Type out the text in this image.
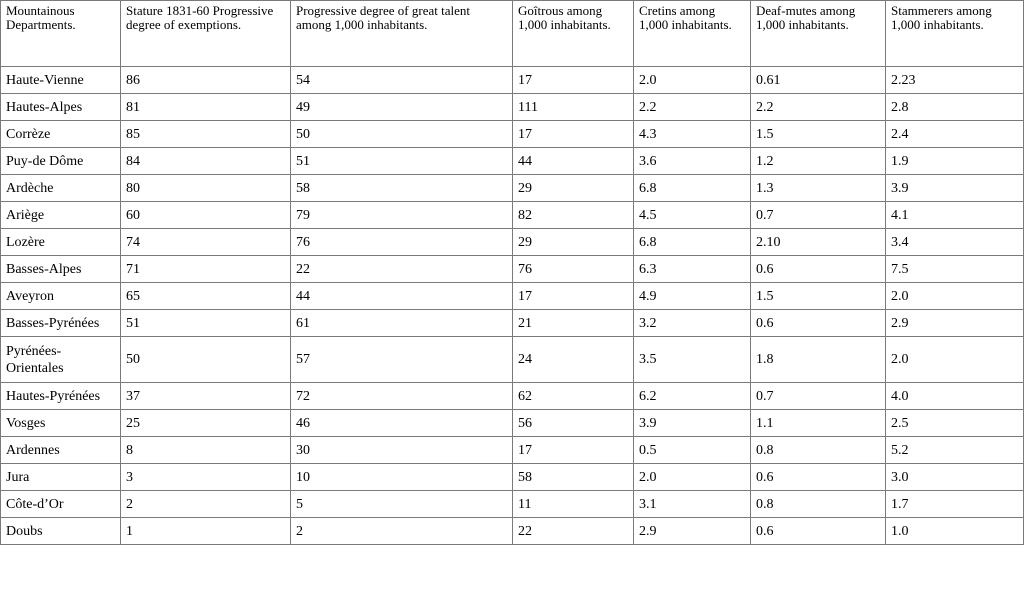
Mountainous Departments.	Stature 1831-60 Progressive degree of exemptions.	Progressive degree of great talent among 1,000 inhabitants.	Goîtrous among 1,000 inhabitants.	Cretins among 1,000 inhabitants.	Deaf-mutes among 1,000 inhabitants.	Stammerers among 1,000 inhabitants.
Haute-Vienne	86	54	17	2.0	0.61	2.23
Hautes-Alpes	81	49	111	2.2	2.2	2.8
Corrèze	85	50	17	4.3	1.5	2.4
Puy-de Dôme	84	51	44	3.6	1.2	1.9
Ardèche	80	58	29	6.8	1.3	3.9
Ariège	60	79	82	4.5	0.7	4.1
Lozère	74	76	29	6.8	2.10	3.4
Basses-Alpes	71	22	76	6.3	0.6	7.5
Aveyron	65	44	17	4.9	1.5	2.0
Basses-Pyrénées	51	61	21	3.2	0.6	2.9
Pyrénées-Orientales	50	57	24	3.5	1.8	2.0
Hautes-Pyrénées	37	72	62	6.2	0.7	4.0
Vosges	25	46	56	3.9	1.1	2.5
Ardennes	8	30	17	0.5	0.8	5.2
Jura	3	10	58	2.0	0.6	3.0
Côte-d’Or	2	5	11	3.1	0.8	1.7
Doubs	1	2	22	2.9	0.6	1.0
